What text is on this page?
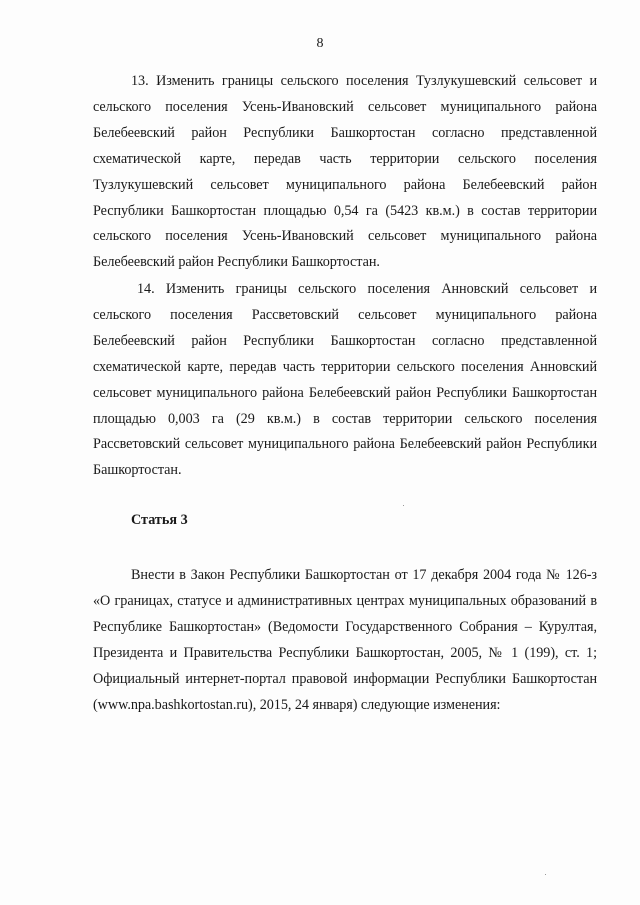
8

13. Изменить границы сельского поселения Тузлукушевский сельсовет и сельского поселения Усень-Ивановский сельсовет муниципального района Белебеевский район Республики Башкортостан согласно представленной схематической карте, передав часть территории сельского поселения Тузлукушевский сельсовет муниципального района Белебеевский район Республики Башкортостан площадью 0,54 га (5423 кв.м.) в состав территории сельского поселения Усень-Ивановский сельсовет муниципального района Белебеевский район Республики Башкортостан.

14. Изменить границы сельского поселения Анновский сельсовет и сельского поселения Рассветовский сельсовет муниципального района Белебеевский район Республики Башкортостан согласно представленной схематической карте, передав часть территории сельского поселения Анновский сельсовет муниципального района Белебеевский район Республики Башкортостан площадью 0,003 га (29 кв.м.) в состав территории сельского поселения Рассветовский сельсовет муниципального района Белебеевский район Республики Башкортостан.

Статья 3

Внести в Закон Республики Башкортостан от 17 декабря 2004 года № 126-з «О границах, статусе и административных центрах муниципальных образований в Республике Башкортостан» (Ведомости Государственного Собрания – Курултая, Президента и Правительства Республики Башкортостан, 2005, № 1 (199), ст. 1; Официальный интернет-портал правовой информации Республики Башкортостан (www.npa.bashkortostan.ru), 2015, 24 января) следующие изменения:
